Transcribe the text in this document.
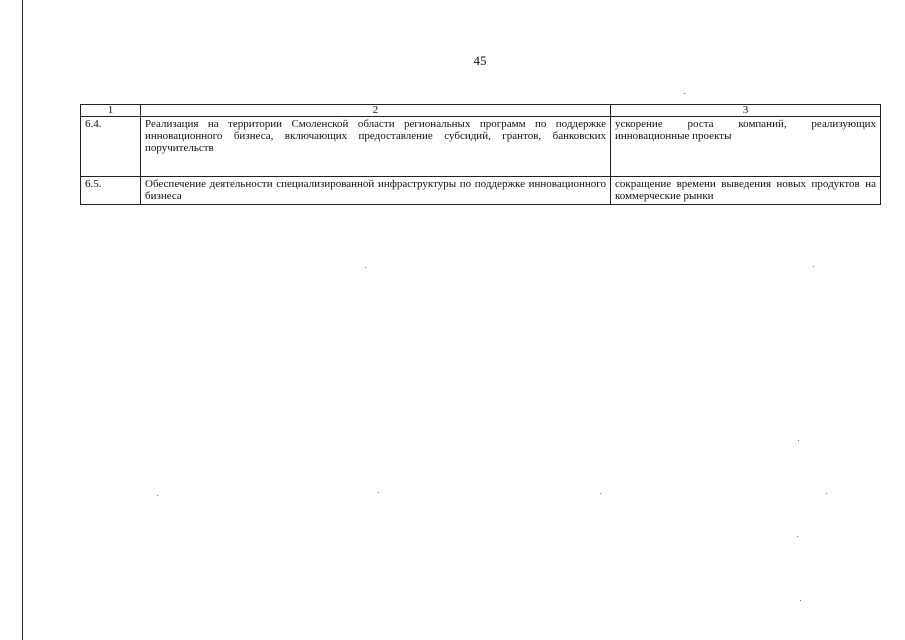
45
1	2	3
6.4.	Реализация на территории Смоленской области региональных программ по поддержке инновационного бизнеса, включающих предоставление субсидий, грантов, банковских поручительств	ускорение роста компаний, реализующих инновационные проекты
6.5.	Обеспечение деятельности специализированной инфраструктуры по поддержке инновационного бизнеса	сокращение времени выведения новых продуктов на коммерческие рынки
